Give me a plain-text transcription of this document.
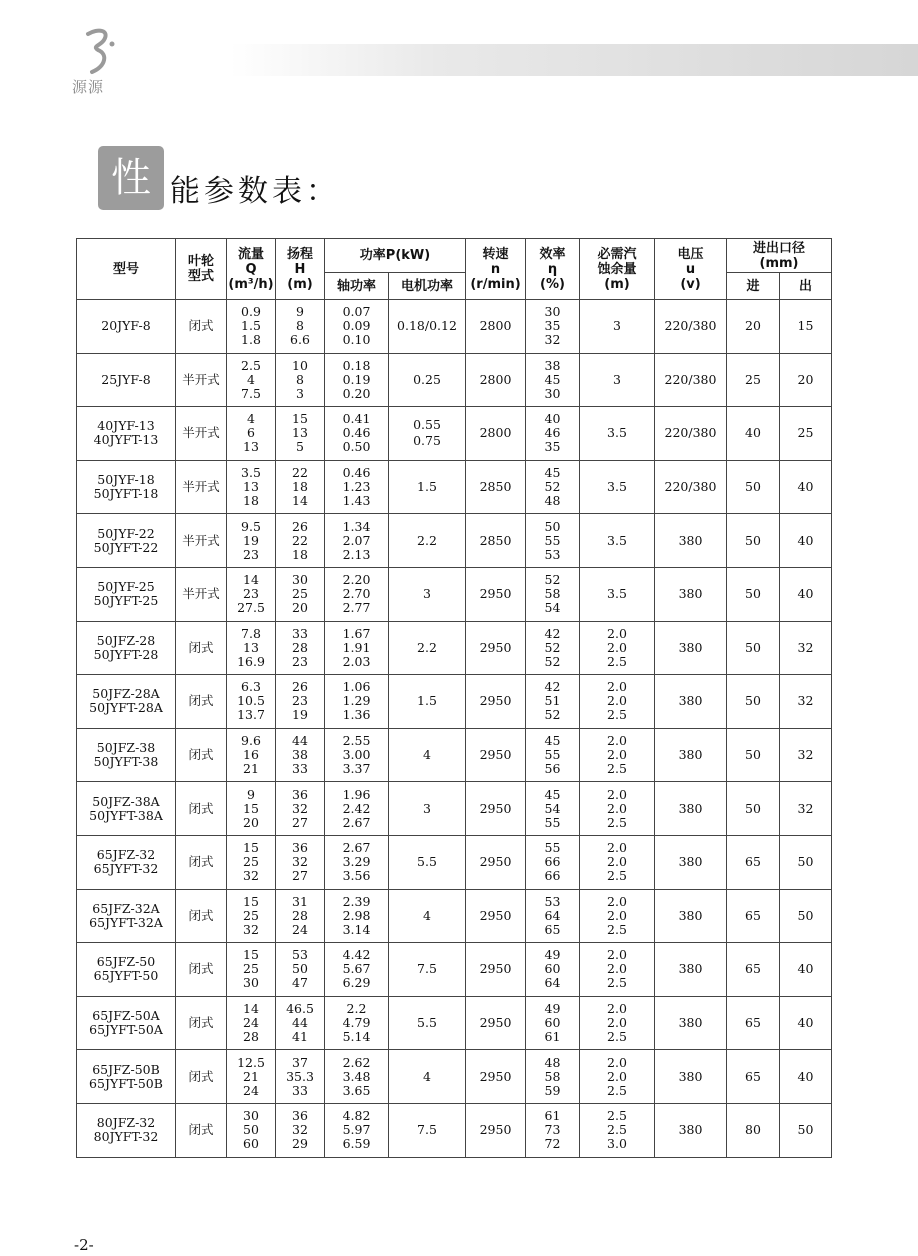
源源
性 能参数表：
型号	叶轮型式	流量
Q
(m³/h)	扬程
H
(m)	功率P(kW)		转速
n
(r/min)	效率
η
(%)	必需汽
蚀余量
(m)	电压
u
(v)	进出口径
(mm)	

				轴功率	电机功率					进	出

20JYF-8	闭式	0.9
1.5
1.8	9
8
6.6	0.07
0.09
0.10	0.18/0.12	2800	30
35
32	3	220/380	20	15

25JYF-8	半开式	2.5
4
7.5	10
8
3	0.18
0.19
0.20	0.25	2800	38
45
30	3	220/380	25	20

40JYF-13
40JYFT-13	半开式	4
6
13	15
13
5	0.41
0.46
0.50	0.55
0.75	2800	40
46
35	3.5	220/380	40	25

50JYF-18
50JYFT-18	半开式	3.5
13
18	22
18
14	0.46
1.23
1.43	1.5	2850	45
52
48	3.5	220/380	50	40

50JYF-22
50JYFT-22	半开式	9.5
19
23	26
22
18	1.34
2.07
2.13	2.2	2850	50
55
53	3.5	380	50	40

50JYF-25
50JYFT-25	半开式	14
23
27.5	30
25
20	2.20
2.70
2.77	3	2950	52
58
54	3.5	380	50	40

50JFZ-28
50JYFT-28	闭式	7.8
13
16.9	33
28
23	1.67
1.91
2.03	2.2	2950	42
52
52	2.0
2.0
2.5	380	50	32

50JFZ-28A
50JYFT-28A	闭式	6.3
10.5
13.7	26
23
19	1.06
1.29
1.36	1.5	2950	42
51
52	2.0
2.0
2.5	380	50	32

50JFZ-38
50JYFT-38	闭式	9.6
16
21	44
38
33	2.55
3.00
3.37	4	2950	45
55
56	2.0
2.0
2.5	380	50	32

50JFZ-38A
50JYFT-38A	闭式	9
15
20	36
32
27	1.96
2.42
2.67	3	2950	45
54
55	2.0
2.0
2.5	380	50	32

65JFZ-32
65JYFT-32	闭式	15
25
32	36
32
27	2.67
3.29
3.56	5.5	2950	55
66
66	2.0
2.0
2.5	380	65	50

65JFZ-32A
65JYFT-32A	闭式	15
25
32	31
28
24	2.39
2.98
3.14	4	2950	53
64
65	2.0
2.0
2.5	380	65	50

65JFZ-50
65JYFT-50	闭式	15
25
30	53
50
47	4.42
5.67
6.29	7.5	2950	49
60
64	2.0
2.0
2.5	380	65	40

65JFZ-50A
65JYFT-50A	闭式	14
24
28	46.5
44
41	2.2
4.79
5.14	5.5	2950	49
60
61	2.0
2.0
2.5	380	65	40

65JFZ-50B
65JYFT-50B	闭式	12.5
21
24	37
35.3
33	2.62
3.48
3.65	4	2950	48
58
59	2.0
2.0
2.5	380	65	40

80JFZ-32
80JYFT-32	闭式	30
50
60	36
32
29	4.82
5.97
6.59	7.5	2950	61
73
72	2.5
2.5
3.0	380	80	50
-2-
